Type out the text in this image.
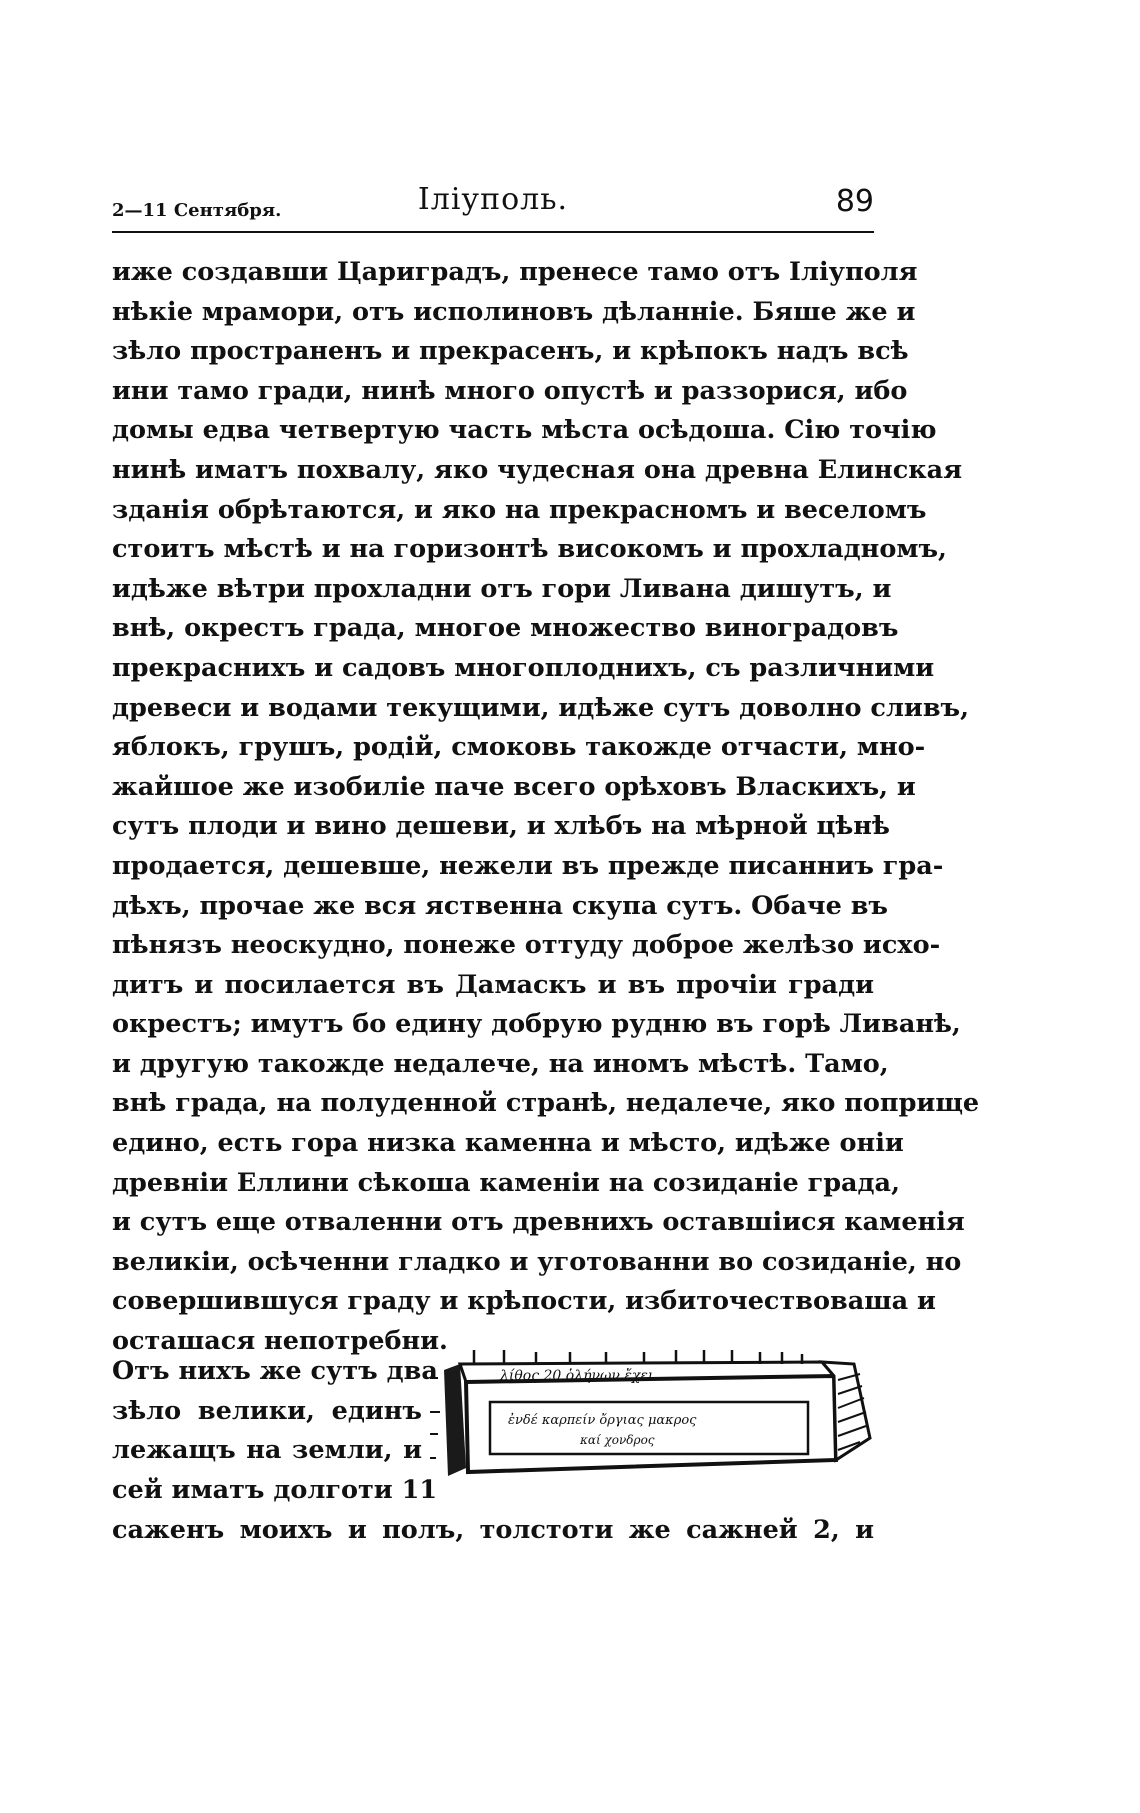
2—11 Сентября.	Іліуполь.	89
иже создавши Цариградъ, пренесе тамо отъ Іліуполя
нѣкіе мрамори, отъ исполиновъ дѣланніе. Бяше же и
зѣло пространенъ и прекрасенъ, и крѣпокъ надъ всѣ
ини тамо гради, нинѣ много опустѣ и раззорися, ибо
домы едва четвертую часть мѣста осѣдоша. Сію точію
нинѣ иматъ похвалу, яко чудесная она древна Елинская
зданія обрѣтаются, и яко на прекрасномъ и веселомъ
стоитъ мѣстѣ и на горизонтѣ високомъ и прохладномъ,
идѣже вѣтри прохладни отъ гори Ливана дишутъ, и
внѣ, окрестъ града, многое множество виноградовъ
прекраснихъ и садовъ многоплоднихъ, съ различними
древеси и водами текущими, идѣже сутъ доволно сливъ,
яблокъ, грушъ, родій, смоковь такожде отчасти, мно-
жайшое же изобиліе паче всего орѣховъ Власкихъ, и
сутъ плоди и вино дешеви, и хлѣбъ на мѣрной цѣнѣ
продается, дешевше, нежели въ прежде писанниъ гра-
дѣхъ, прочае же вся яственна скупа сутъ. Обаче въ
пѣнязъ неоскудно, понеже оттуду доброе желѣзо исхо-
дитъ и посилается въ Дамаскъ и въ прочіи гради
окрестъ; имутъ бо едину добрую рудню въ горѣ Ливанѣ,
и другую такожде недалече, на иномъ мѣстѣ. Тамо,
внѣ града, на полуденной странѣ, недалече, яко поприще
едино, есть гора низка каменна и мѣсто, идѣже оніи
древніи Еллини сѣкоша каменіи на созиданіе града,
и сутъ еще отваленни отъ древнихъ оставшіися каменія
великіи, осѣченни гладко и уготованни во созиданіе, но
совершившуся граду и крѣпости, избиточествоваша и
осташася непотребни.
Отъ нихъ же сутъ два
зѣло велики, единъ
лежащъ на земли, и
сей иматъ долготи 11
саженъ моихъ и полъ, толстоти же сажней 2, и
λίθος 20 ὁλήνων ἔχει
ἐνδέ καρπείν ὄργιας μακρος
καί χονδρος
